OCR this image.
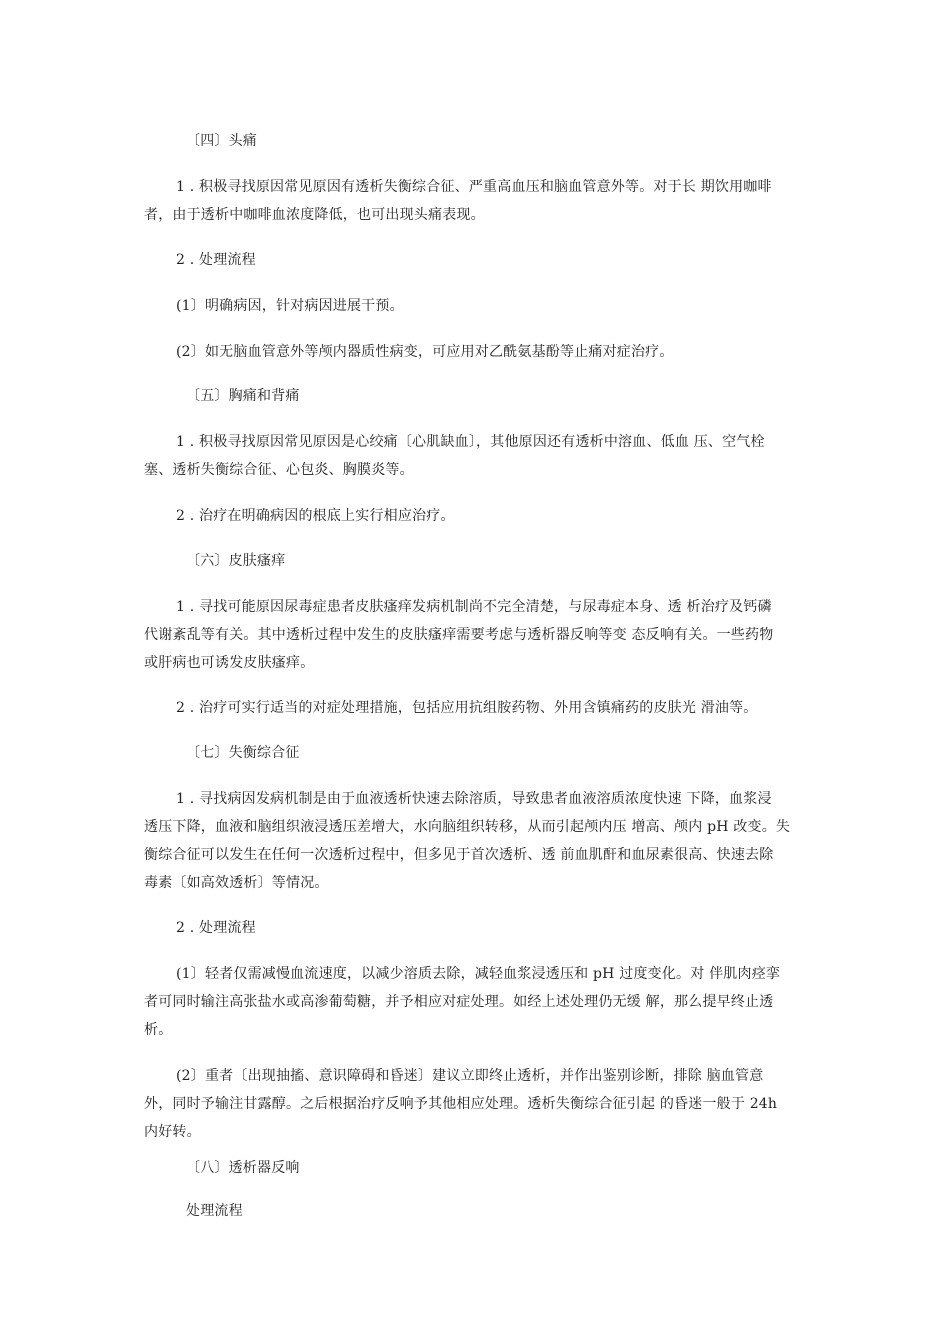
〔四〕头痛
1 . 积极寻找原因常见原因有透析失衡综合征、严重高血压和脑血管意外等。对于长 期饮用咖啡
者，由于透析中咖啡血浓度降低，也可出现头痛表现。
2 . 处理流程
(1〕明确病因，针对病因进展干预。
(2〕如无脑血管意外等颅内器质性病变，可应用对乙酰氨基酚等止痛对症治疗。
〔五〕胸痛和背痛
1 . 积极寻找原因常见原因是心绞痛〔心肌缺血〕，其他原因还有透析中溶血、低血 压、空气栓
塞、透析失衡综合征、心包炎、胸膜炎等。
2 . 治疗在明确病因的根底上实行相应治疗。
〔六〕皮肤瘙痒
1 . 寻找可能原因尿毒症患者皮肤瘙痒发病机制尚不完全清楚，与尿毒症本身、透 析治疗及钙磷
代谢紊乱等有关。其中透析过程中发生的皮肤瘙痒需要考虑与透析器反响等变 态反响有关。一些药物
或肝病也可诱发皮肤瘙痒。
2 . 治疗可实行适当的对症处理措施，包括应用抗组胺药物、外用含镇痛药的皮肤光 滑油等。
〔七〕失衡综合征
1 . 寻找病因发病机制是由于血液透析快速去除溶质，导致患者血液溶质浓度快速 下降，血浆浸
透压下降，血液和脑组织液浸透压差增大，水向脑组织转移，从而引起颅内压 增高、颅内 pH 改变。失
衡综合征可以发生在任何一次透析过程中，但多见于首次透析、透 前血肌酐和血尿素很高、快速去除
毒素〔如高效透析〕等情况。
2 . 处理流程
(1〕轻者仅需减慢血流速度，以减少溶质去除，减轻血浆浸透压和 pH 过度变化。对 伴肌肉痉挛
者可同时输注高张盐水或高渗葡萄糖，并予相应对症处理。如经上述处理仍无缓 解，那么提早终止透
析。
(2〕重者〔出现抽搐、意识障碍和昏迷〕建议立即终止透析，并作出鉴别诊断，排除 脑血管意
外，同时予输注甘露醇。之后根据治疗反响予其他相应处理。透析失衡综合征引起 的昏迷一般于 24h
内好转。
〔八〕透析器反响
处理流程
